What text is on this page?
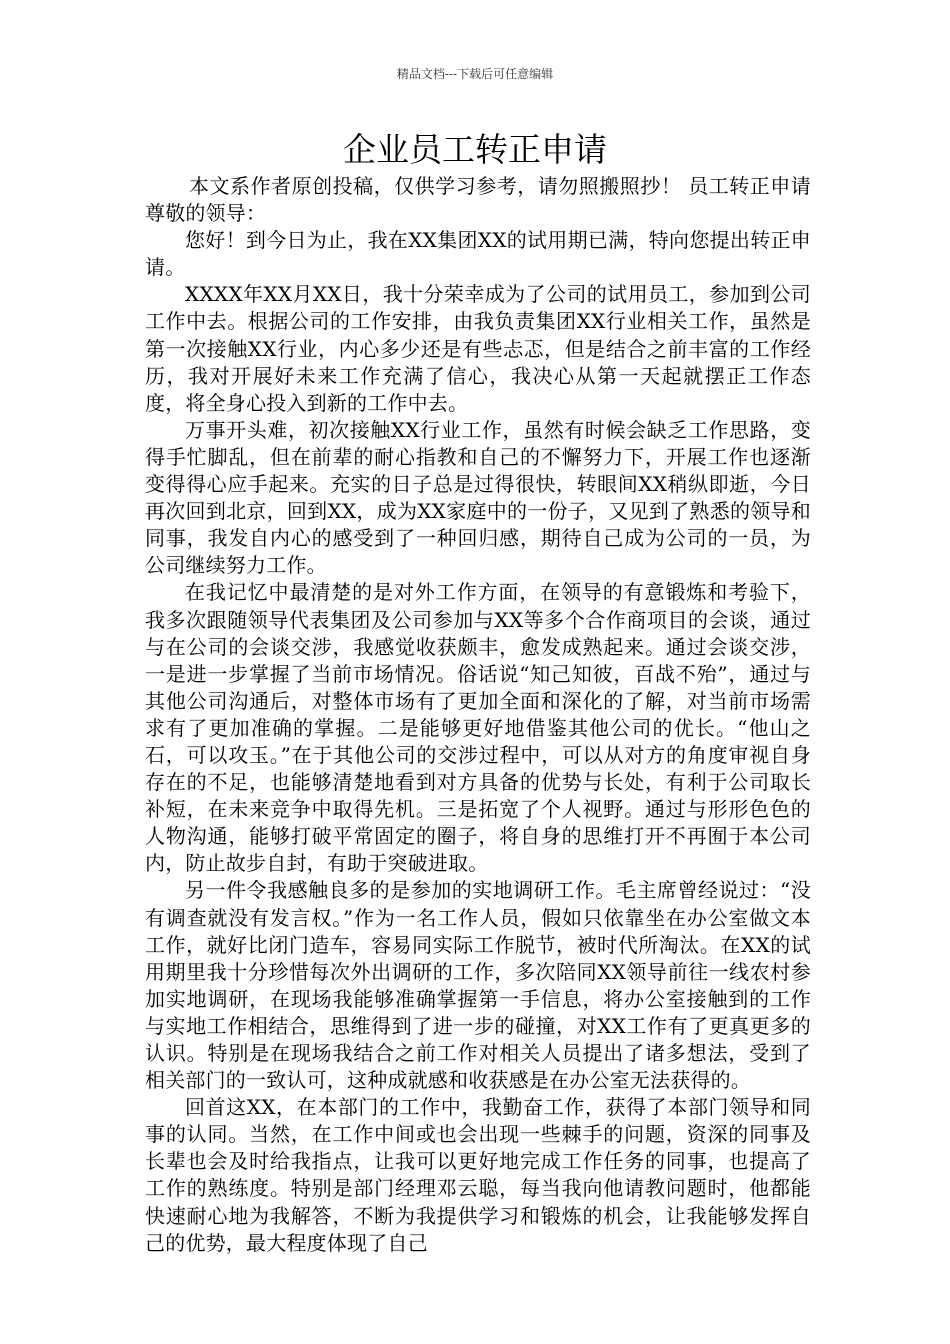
精品文档---下载后可任意编辑
企业员工转正申请

本文系作者原创投稿，仅供学习参考，请勿照搬照抄！ 员工转正申请　尊敬的领导：

您好！到今日为止，我在XX集团XX的试用期已满，特向您提出转正申请。

XXXX年XX月XX日，我十分荣幸成为了公司的试用员工，参加到公司工作中去。根据公司的工作安排，由我负责集团XX行业相关工作，虽然是第一次接触XX行业，内心多少还是有些忐忑，但是结合之前丰富的工作经历，我对开展好未来工作充满了信心，我决心从第一天起就摆正工作态度，将全身心投入到新的工作中去。

万事开头难，初次接触XX行业工作，虽然有时候会缺乏工作思路，变得手忙脚乱，但在前辈的耐心指教和自己的不懈努力下，开展工作也逐渐变得得心应手起来。充实的日子总是过得很快，转眼间XX稍纵即逝，今日再次回到北京，回到XX，成为XX家庭中的一份子，又见到了熟悉的领导和同事，我发自内心的感受到了一种回归感，期待自己成为公司的一员，为公司继续努力工作。

在我记忆中最清楚的是对外工作方面，在领导的有意锻炼和考验下，我多次跟随领导代表集团及公司参加与XX等多个合作商项目的会谈，通过与在公司的会谈交涉，我感觉收获颇丰，愈发成熟起来。通过会谈交涉，一是进一步掌握了当前市场情况。俗话说“知己知彼，百战不殆”，通过与其他公司沟通后，对整体市场有了更加全面和深化的了解，对当前市场需求有了更加准确的掌握。二是能够更好地借鉴其他公司的优长。“他山之石，可以攻玉。”在于其他公司的交涉过程中，可以从对方的角度审视自身存在的不足，也能够清楚地看到对方具备的优势与长处，有利于公司取长补短，在未来竞争中取得先机。三是拓宽了个人视野。通过与形形色色的人物沟通，能够打破平常固定的圈子，将自身的思维打开不再囿于本公司内，防止故步自封，有助于突破进取。

另一件令我感触良多的是参加的实地调研工作。毛主席曾经说过：“没有调查就没有发言权。”作为一名工作人员，假如只依靠坐在办公室做文本工作，就好比闭门造车，容易同实际工作脱节，被时代所淘汰。在XX的试用期里我十分珍惜每次外出调研的工作，多次陪同XX领导前往一线农村参加实地调研，在现场我能够准确掌握第一手信息，将办公室接触到的工作与实地工作相结合，思维得到了进一步的碰撞，对XX工作有了更真更多的认识。特别是在现场我结合之前工作对相关人员提出了诸多想法，受到了相关部门的一致认可，这种成就感和收获感是在办公室无法获得的。

回首这XX，在本部门的工作中，我勤奋工作，获得了本部门领导和同事的认同。当然，在工作中间或也会出现一些棘手的问题，资深的同事及长辈也会及时给我指点，让我可以更好地完成工作任务的同事，也提高了工作的熟练度。特别是部门经理邓云聪，每当我向他请教问题时，他都能快速耐心地为我解答，不断为我提供学习和锻炼的机会，让我能够发挥自己的优势，最大程度体现了自己
